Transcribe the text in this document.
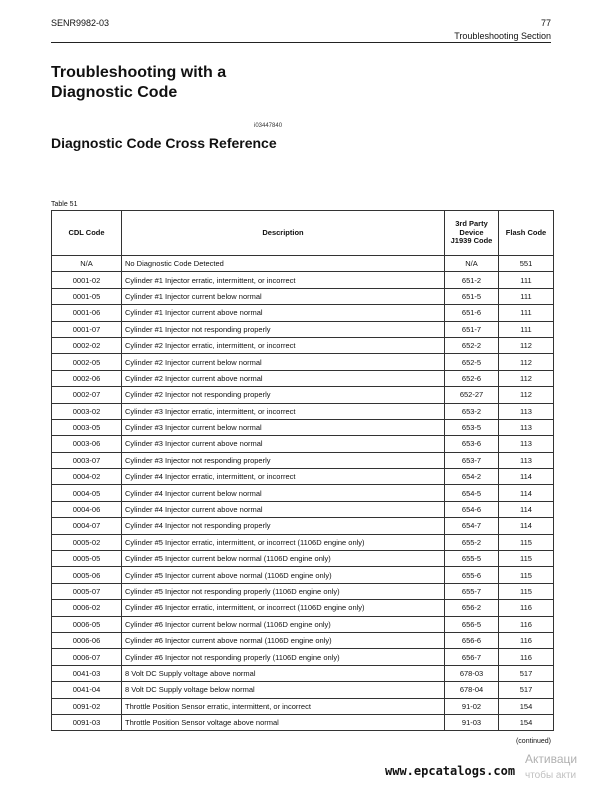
SENR9982-03	77
Troubleshooting Section
Troubleshooting with a Diagnostic Code
i03447840
Diagnostic Code Cross Reference
Table 51
CDL Code	Description	3rd Party Device J1939 Code	Flash Code
N/A	No Diagnostic Code Detected	N/A	551
0001-02	Cylinder #1 Injector erratic, intermittent, or incorrect	651-2	111
0001-05	Cylinder #1 Injector current below normal	651-5	111
0001-06	Cylinder #1 Injector current above normal	651-6	111
0001-07	Cylinder #1 Injector not responding properly	651-7	111
0002-02	Cylinder #2 Injector erratic, intermittent, or incorrect	652-2	112
0002-05	Cylinder #2 Injector current below normal	652-5	112
0002-06	Cylinder #2 Injector current above normal	652-6	112
0002-07	Cylinder #2 Injector not responding properly	652-27	112
0003-02	Cylinder #3 Injector erratic, intermittent, or incorrect	653-2	113
0003-05	Cylinder #3 Injector current below normal	653-5	113
0003-06	Cylinder #3 Injector current above normal	653-6	113
0003-07	Cylinder #3 Injector not responding properly	653-7	113
0004-02	Cylinder #4 Injector erratic, intermittent, or incorrect	654-2	114
0004-05	Cylinder #4 Injector current below normal	654-5	114
0004-06	Cylinder #4 Injector current above normal	654-6	114
0004-07	Cylinder #4 Injector not responding properly	654-7	114
0005-02	Cylinder #5 Injector erratic, intermittent, or incorrect (1106D engine only)	655-2	115
0005-05	Cylinder #5 Injector current below normal (1106D engine only)	655-5	115
0005-06	Cylinder #5 Injector current above normal (1106D engine only)	655-6	115
0005-07	Cylinder #5 Injector not responding properly (1106D engine only)	655-7	115
0006-02	Cylinder #6 Injector erratic, intermittent, or incorrect (1106D engine only)	656-2	116
0006-05	Cylinder #6 Injector current below normal (1106D engine only)	656-5	116
0006-06	Cylinder #6 Injector current above normal (1106D engine only)	656-6	116
0006-07	Cylinder #6 Injector not responding properly (1106D engine only)	656-7	116
0041-03	8 Volt DC Supply voltage above normal	678-03	517
0041-04	8 Volt DC Supply voltage below normal	678-04	517
0091-02	Throttle Position Sensor erratic, intermittent, or incorrect	91-02	154
0091-03	Throttle Position Sensor voltage above normal	91-03	154
(continued)
www.epcatalogs.com
Активаци
чтобы акти
